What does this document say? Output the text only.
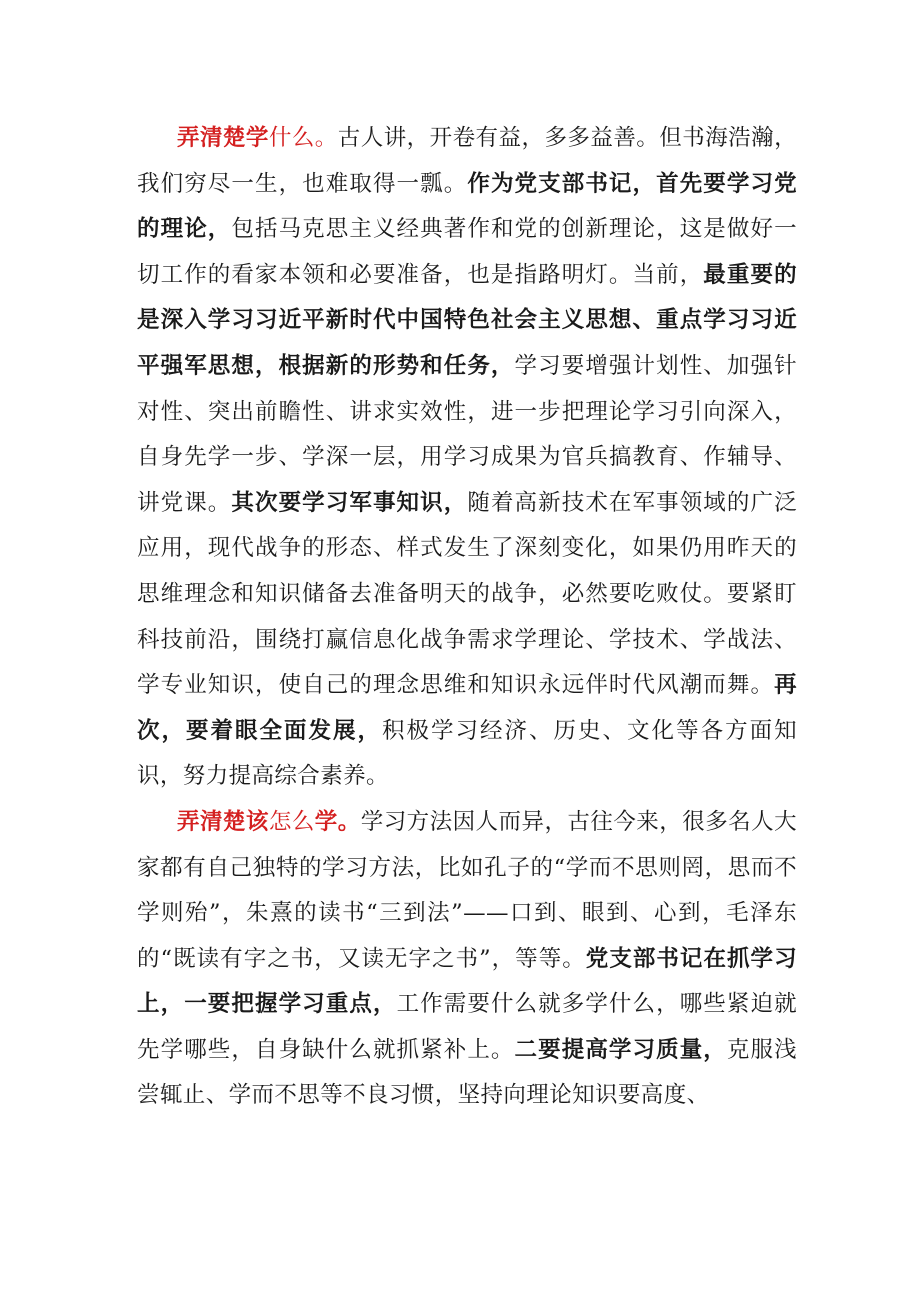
弄清楚学什么。古人讲，开卷有益，多多益善。但书海浩瀚，我们穷尽一生，也难取得一瓢。作为党支部书记，首先要学习党的理论，包括马克思主义经典著作和党的创新理论，这是做好一切工作的看家本领和必要准备，也是指路明灯。当前，最重要的是深入学习习近平新时代中国特色社会主义思想、重点学习习近平强军思想，根据新的形势和任务，学习要增强计划性、加强针对性、突出前瞻性、讲求实效性，进一步把理论学习引向深入，自身先学一步、学深一层，用学习成果为官兵搞教育、作辅导、讲党课。其次要学习军事知识，随着高新技术在军事领域的广泛应用，现代战争的形态、样式发生了深刻变化，如果仍用昨天的思维理念和知识储备去准备明天的战争，必然要吃败仗。要紧盯科技前沿，围绕打赢信息化战争需求学理论、学技术、学战法、学专业知识，使自己的理念思维和知识永远伴时代风潮而舞。再次，要着眼全面发展，积极学习经济、历史、文化等各方面知识，努力提高综合素养。

弄清楚该怎么学。学习方法因人而异，古往今来，很多名人大家都有自己独特的学习方法，比如孔子的“学而不思则罔，思而不学则殆”，朱熹的读书“三到法”——口到、眼到、心到，毛泽东的“既读有字之书，又读无字之书”，等等。党支部书记在抓学习上，一要把握学习重点，工作需要什么就多学什么，哪些紧迫就先学哪些，自身缺什么就抓紧补上。二要提高学习质量，克服浅尝辄止、学而不思等不良习惯，坚持向理论知识要高度、
